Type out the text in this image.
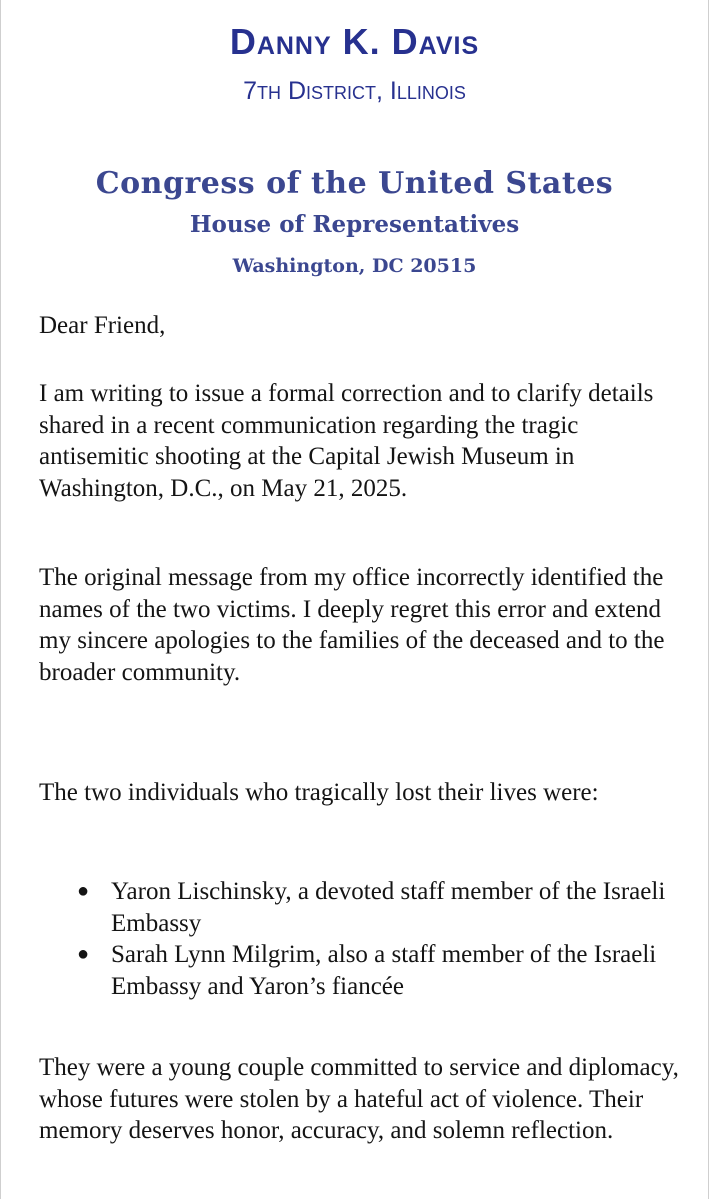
Danny K. Davis
7th District, Illinois
Congress of the United States
House of Representatives
Washington, DC 20515

Dear Friend,

I am writing to issue a formal correction and to clarify details shared in a recent communication regarding the tragic antisemitic shooting at the Capital Jewish Museum in Washington, D.C., on May 21, 2025.

The original message from my office incorrectly identified the names of the two victims. I deeply regret this error and extend my sincere apologies to the families of the deceased and to the broader community.

The two individuals who tragically lost their lives were:

● Yaron Lischinsky, a devoted staff member of the Israeli Embassy
● Sarah Lynn Milgrim, also a staff member of the Israeli Embassy and Yaron’s fiancée

They were a young couple committed to service and diplomacy, whose futures were stolen by a hateful act of violence. Their memory deserves honor, accuracy, and solemn reflection.
